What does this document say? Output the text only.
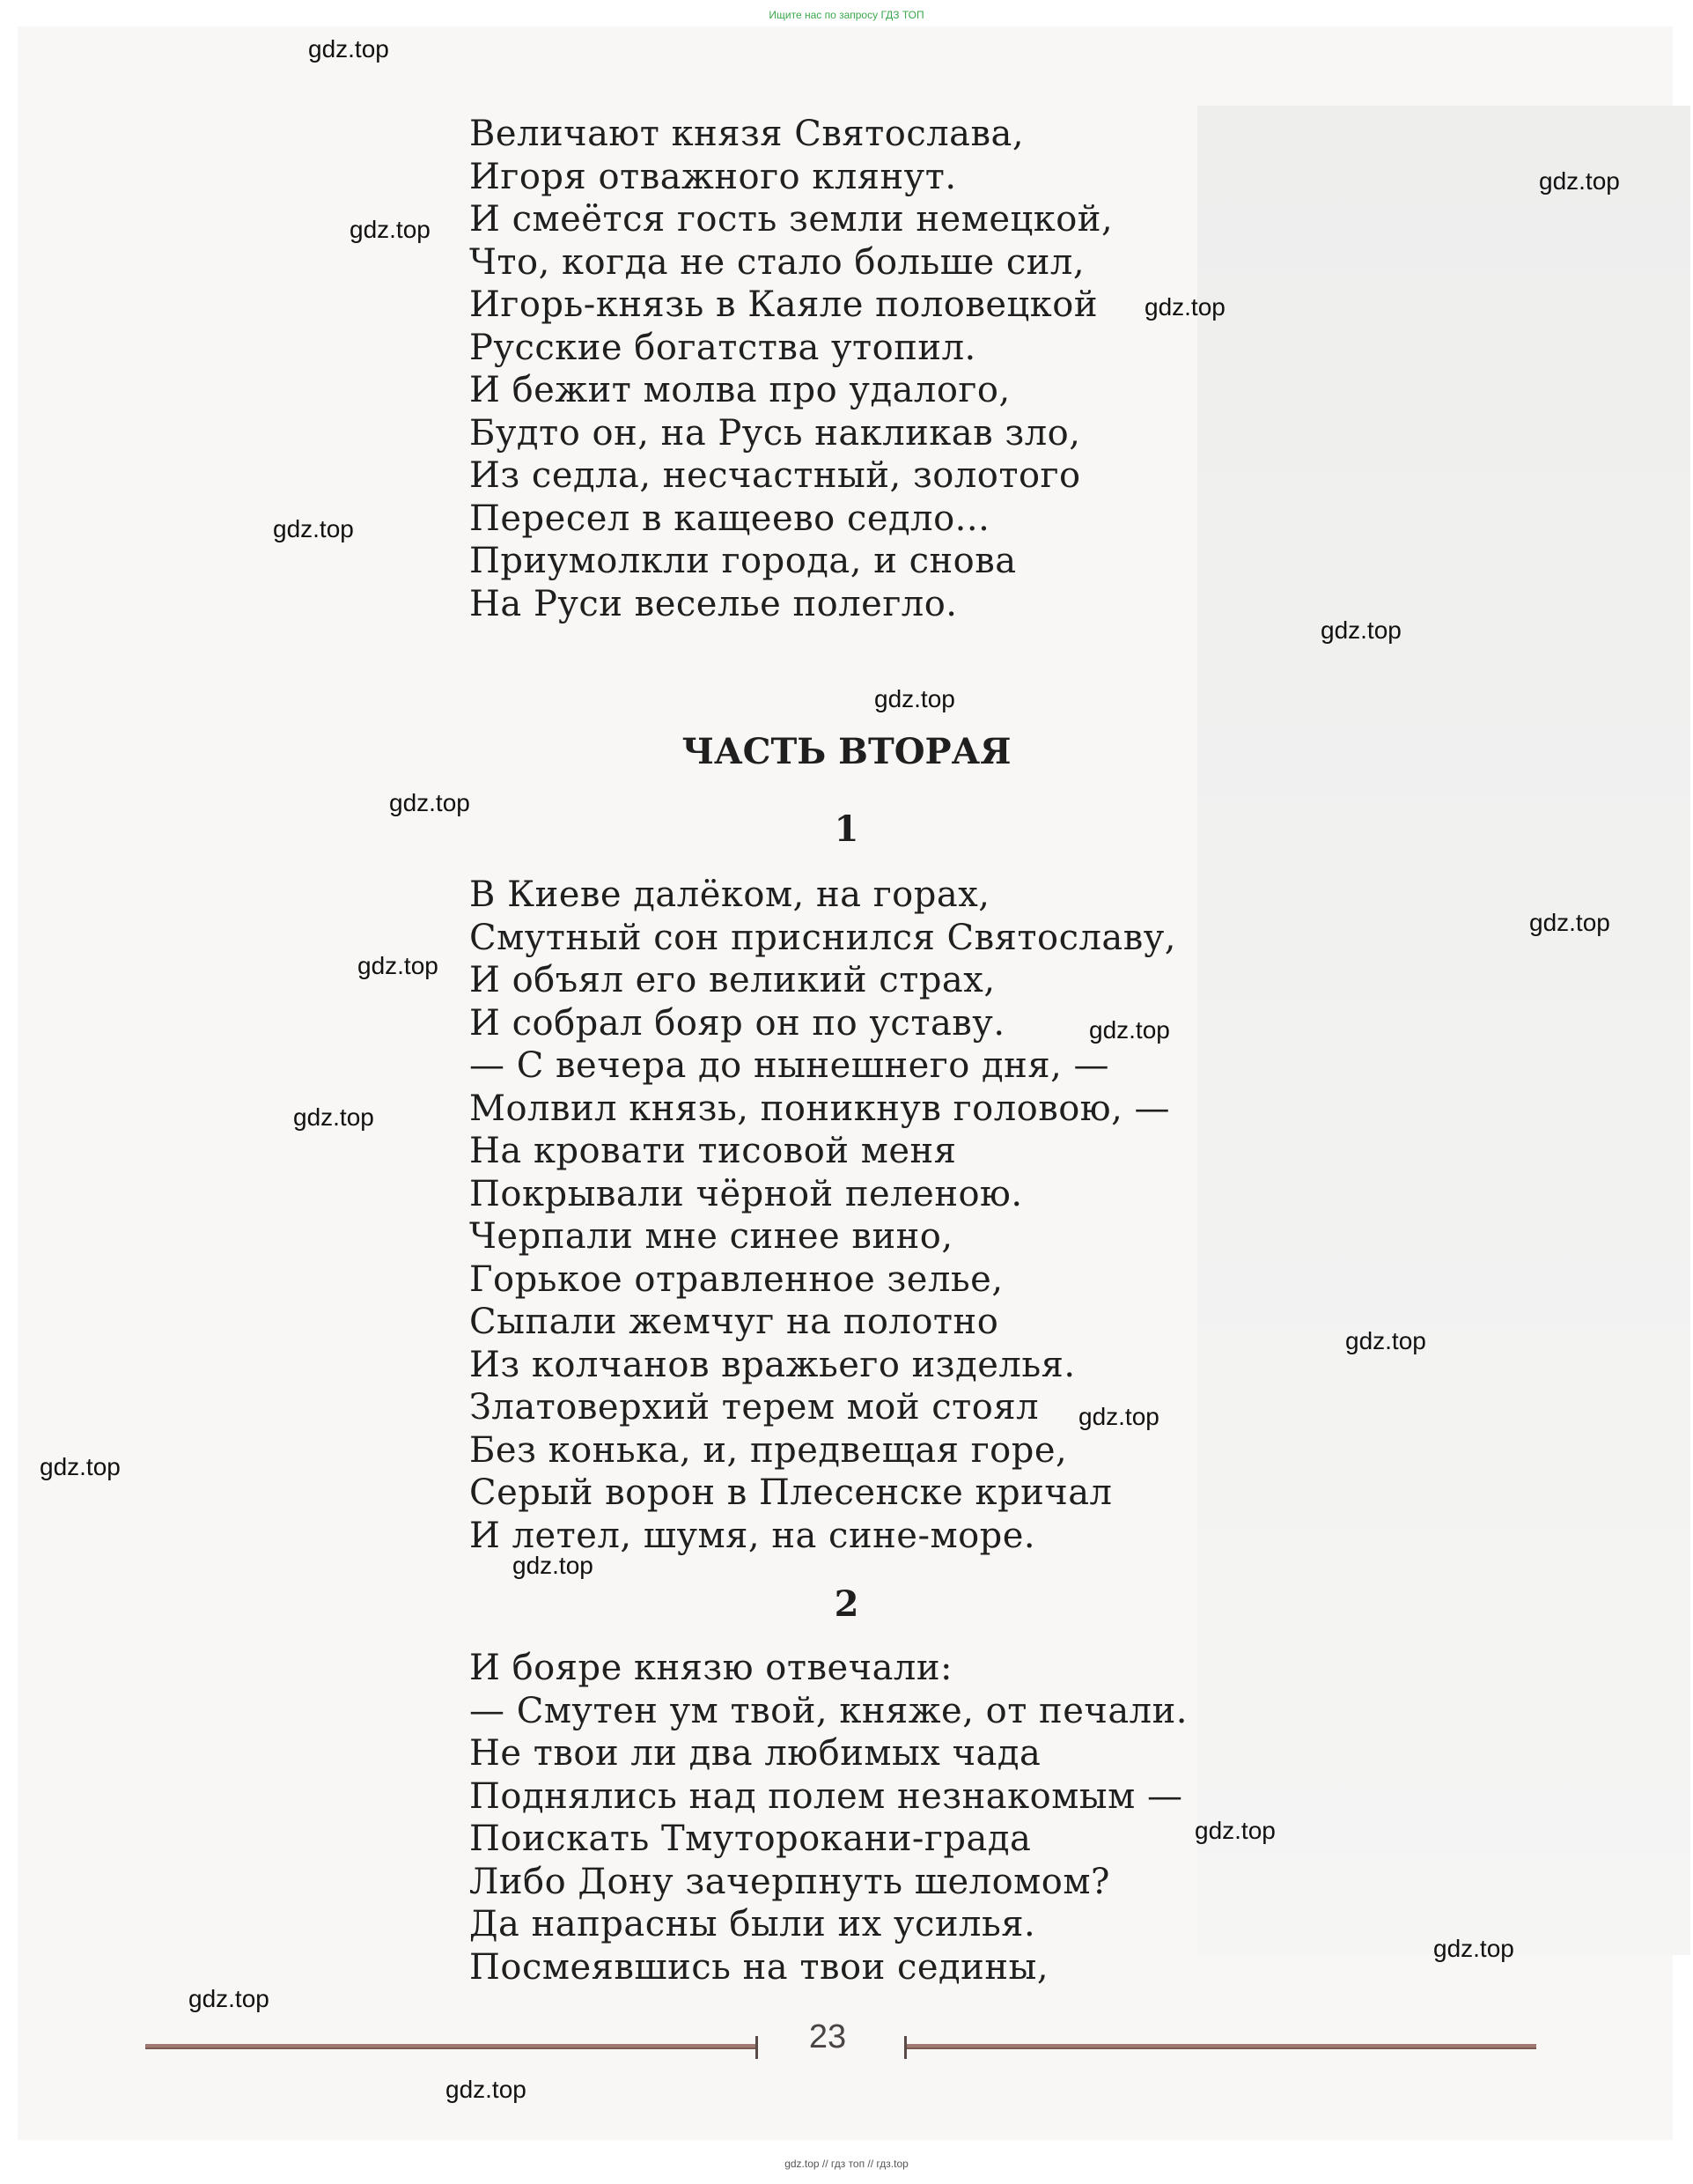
Ищите нас по запросу ГДЗ ТОП
Величают князя Святослава,
Игоря отважного клянут.
И смеётся гость земли немецкой,
Что, когда не стало больше сил,
Игорь-князь в Каяле половецкой
Русские богатства утопил.
И бежит молва про удалого,
Будто он, на Русь накликав зло,
Из седла, несчастный, золотого
Пересел в кащеево седло...
Приумолкли города, и снова
На Руси веселье полегло.
ЧАСТЬ ВТОРАЯ
1
В Киеве далёком, на горах,
Смутный сон приснился Святославу,
И объял его великий страх,
И собрал бояр он по уставу.
— С вечера до нынешнего дня, —
Молвил князь, поникнув головою, —
На кровати тисовой меня
Покрывали чёрной пеленою.
Черпали мне синее вино,
Горькое отравленное зелье,
Сыпали жемчуг на полотно
Из колчанов вражьего изделья.
Златоверхий терем мой стоял
Без конька, и, предвещая горе,
Серый ворон в Плесенске кричал
И летел, шумя, на сине-море.
2
И бояре князю отвечали:
— Смутен ум твой, княже, от печали.
Не твои ли два любимых чада
Поднялись над полем незнакомым —
Поискать Тмуторокани-града
Либо Дону зачерпнуть шеломом?
Да напрасны были их усилья.
Посмеявшись на твои седины,
23
gdz.top
gdz.top
gdz.top
gdz.top
gdz.top
gdz.top
gdz.top
gdz.top
gdz.top
gdz.top
gdz.top
gdz.top
gdz.top
gdz.top
gdz.top
gdz.top
gdz.top
gdz.top
gdz.top
gdz.top
gdz.top // гдз топ // гдз.top
